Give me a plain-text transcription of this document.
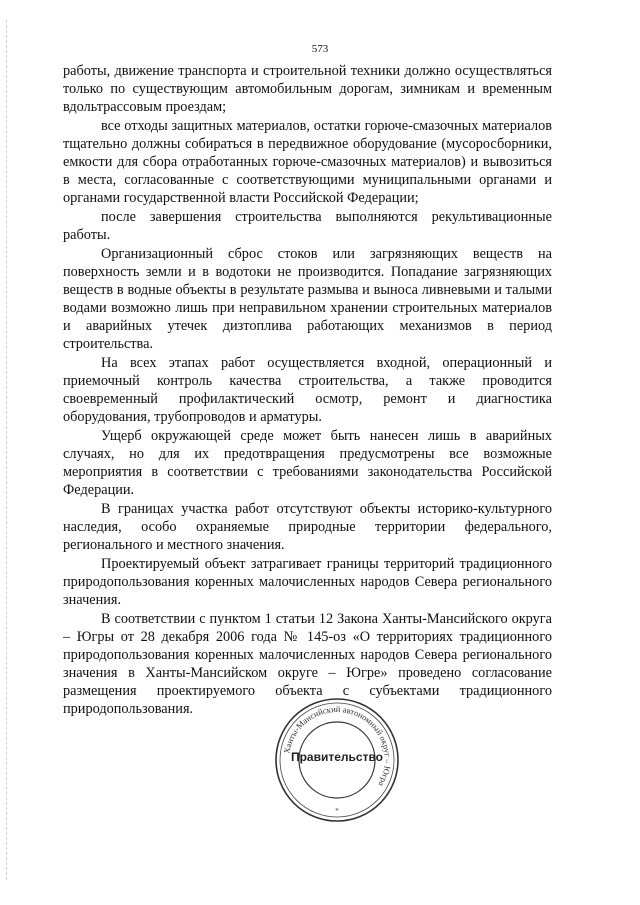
573

работы, движение транспорта и строительной техники должно осуществляться только по существующим автомобильным дорогам, зимникам и временным вдольтрассовым проездам;

все отходы защитных материалов, остатки горюче-смазочных материалов тщательно должны собираться в передвижное оборудование (мусоросборники, емкости для сбора отработанных горюче-смазочных материалов) и вывозиться в места, согласованные с соответствующими муниципальными органами и органами государственной власти Российской Федерации;

после завершения строительства выполняются рекультивационные работы.

Организационный сброс стоков или загрязняющих веществ на поверхность земли и в водотоки не производится. Попадание загрязняющих веществ в водные объекты в результате размыва и выноса ливневыми и талыми водами возможно лишь при неправильном хранении строительных материалов и аварийных утечек дизтоплива работающих механизмов в период строительства.

На всех этапах работ осуществляется входной, операционный и приемочный контроль качества строительства, а также проводится своевременный профилактический осмотр, ремонт и диагностика оборудования, трубопроводов и арматуры.

Ущерб окружающей среде может быть нанесен лишь в аварийных случаях, но для их предотвращения предусмотрены все возможные мероприятия в соответствии с требованиями законодательства Российской Федерации.

В границах участка работ отсутствуют объекты историко-культурного наследия, особо охраняемые природные территории федерального, регионального и местного значения.

Проектируемый объект затрагивает границы территорий традиционного природопользования коренных малочисленных народов Севера регионального значения.

В соответствии с пунктом 1 статьи 12 Закона Ханты-Мансийского округа – Югры от 28 декабря 2006 года № 145-оз «О территориях традиционного природопользования коренных малочисленных народов Севера регионального значения в Ханты-Мансийском округе – Югре» проведено согласование размещения проектируемого объекта с субъектами традиционного природопользования.

Ханты-Мансийский автономный округ – Югра
*
Правительство
